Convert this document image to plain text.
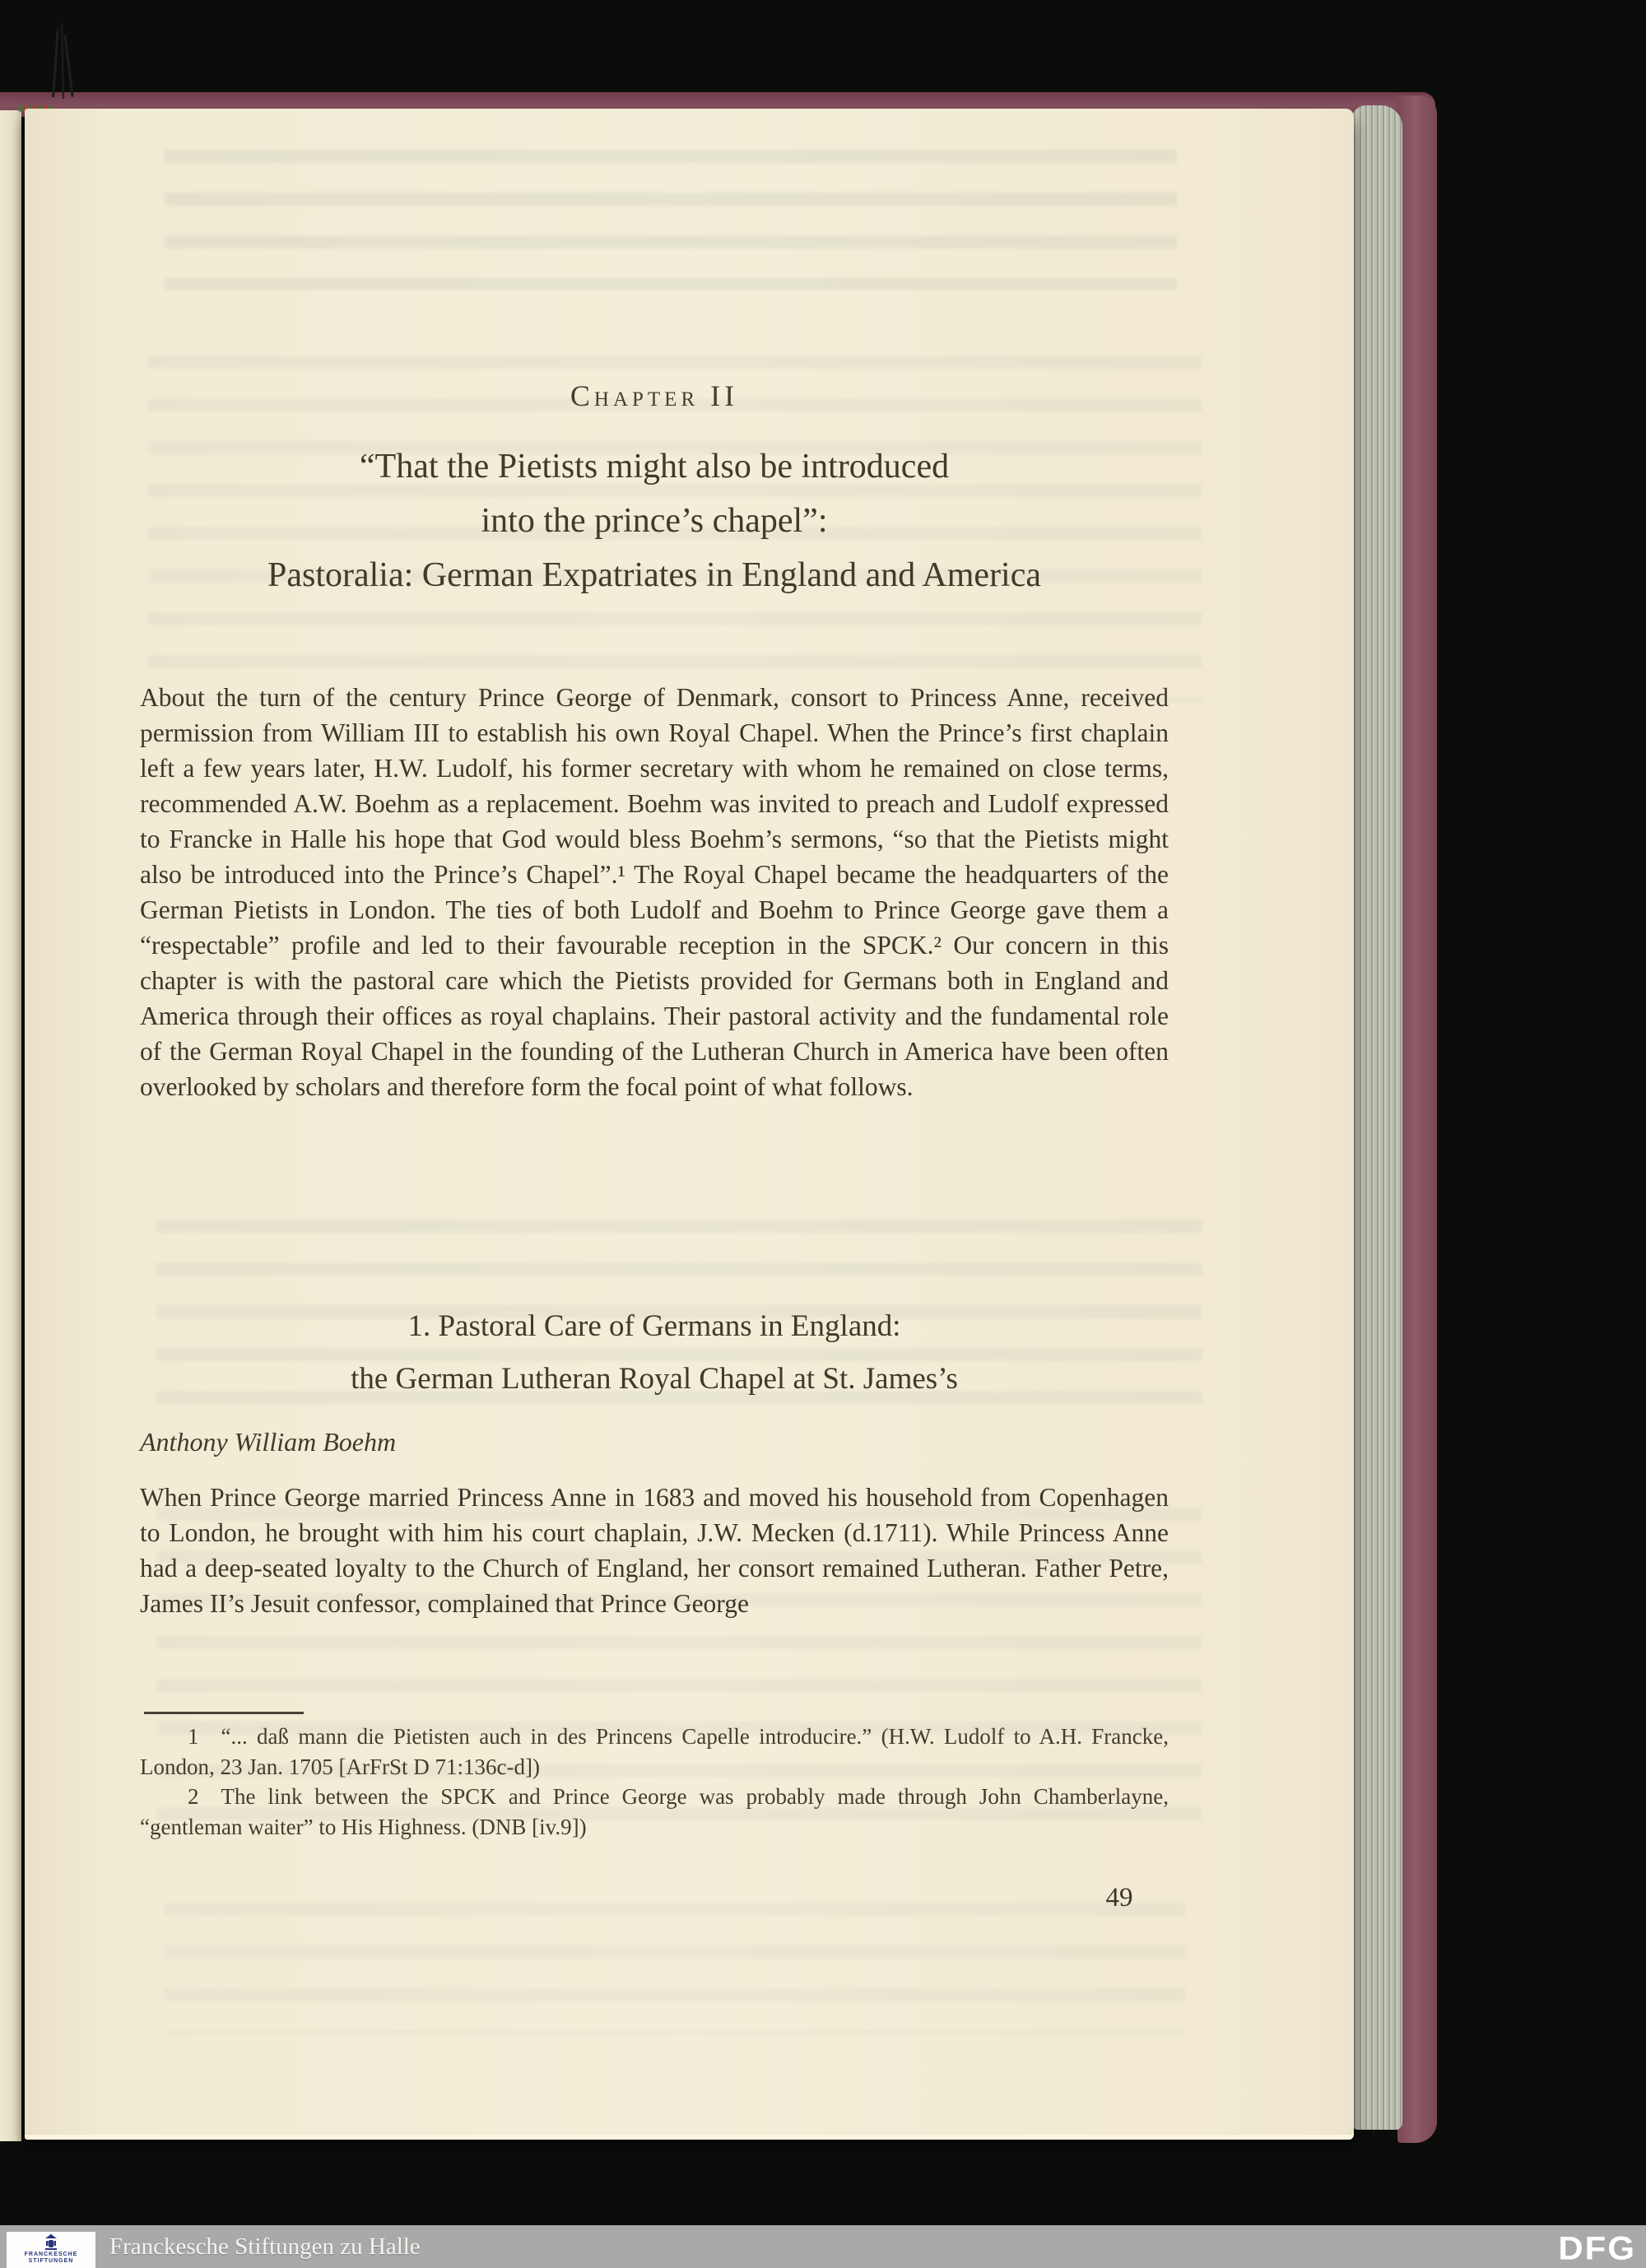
Chapter II
“That the Pietists might also be introduced
into the prince’s chapel”:
Pastoralia: German Expatriates in England and America
About the turn of the century Prince George of Denmark, consort to Princess Anne, received permission from William III to establish his own Royal Chapel. When the Prince’s first chaplain left a few years later, H.W. Ludolf, his former secretary with whom he remained on close terms, recommended A.W. Boehm as a replacement. Boehm was invited to preach and Ludolf expressed to Francke in Halle his hope that God would bless Boehm’s sermons, “so that the Pietists might also be introduced into the Prince’s Chapel”.¹ The Royal Chapel became the headquarters of the German Pietists in London. The ties of both Ludolf and Boehm to Prince George gave them a “respectable” profile and led to their favourable reception in the SPCK.² Our concern in this chapter is with the pastoral care which the Pietists provided for Germans both in England and America through their offices as royal chaplains. Their pastoral activity and the fundamental role of the German Royal Chapel in the founding of the Lutheran Church in America have been often overlooked by scholars and therefore form the focal point of what follows.
1. Pastoral Care of Germans in England:
the German Lutheran Royal Chapel at St. James’s
Anthony William Boehm
When Prince George married Princess Anne in 1683 and moved his household from Copenhagen to London, he brought with him his court chaplain, J.W. Mecken (d.1711). While Princess Anne had a deep-seated loyalty to the Church of England, her consort remained Lutheran. Father Petre, James II’s Jesuit confessor, complained that Prince George

1 “... daß mann die Pietisten auch in des Princens Capelle introducire.” (H.W. Ludolf to A.H. Francke, London, 23 Jan. 1705 [ArFrSt D 71:136c-d])

2 The link between the SPCK and Prince George was probably made through John Chamberlayne, “gentleman waiter” to His Highness. (DNB [iv.9])

49
FRANCKESCHE
STIFTUNGEN
Franckesche Stiftungen zu Halle	DFG
